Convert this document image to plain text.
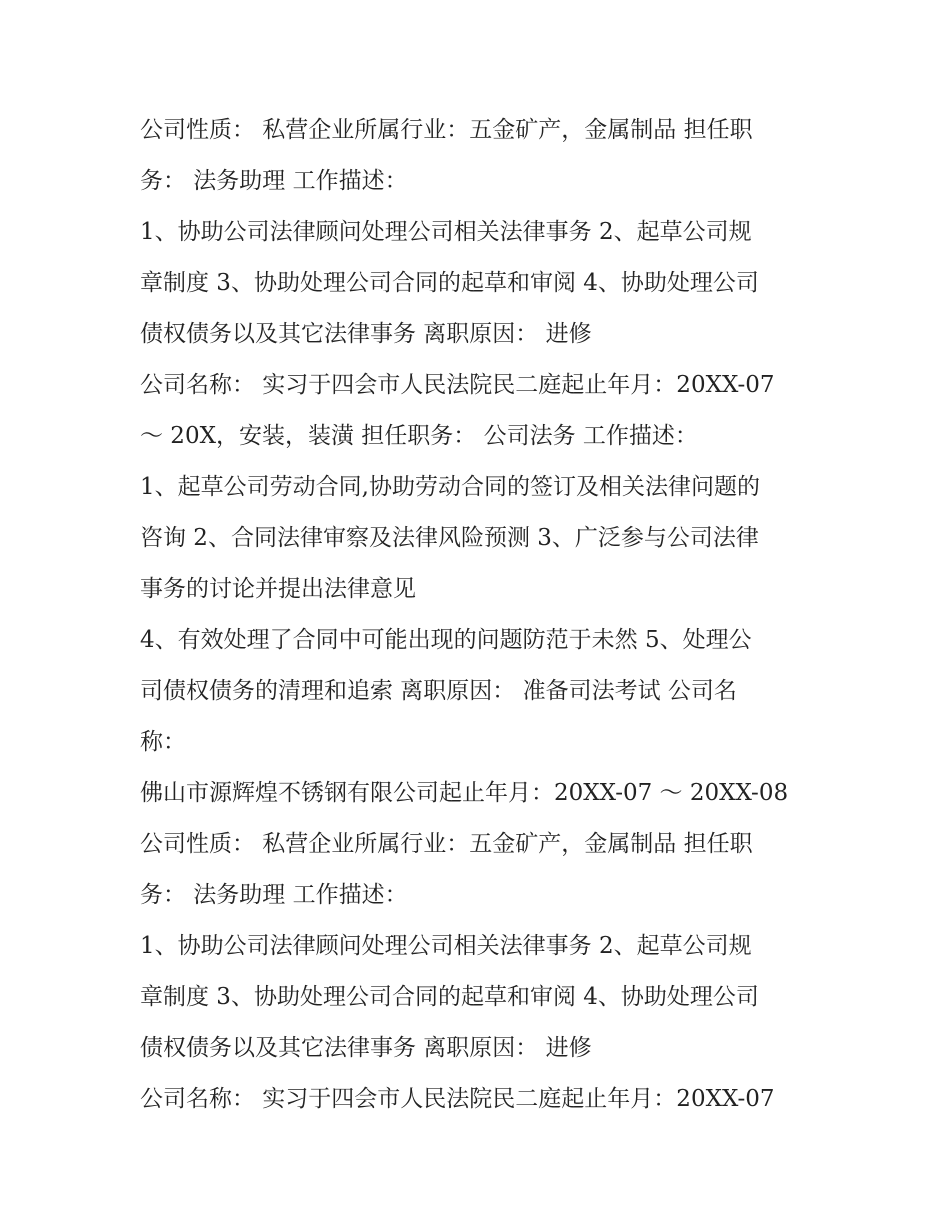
公司性质： 私营企业所属行业：五金矿产，金属制品 担任职
务： 法务助理 工作描述：
1、协助公司法律顾问处理公司相关法律事务 2、起草公司规
章制度 3、协助处理公司合同的起草和审阅 4、协助处理公司
债权债务以及其它法律事务 离职原因： 进修
公司名称： 实习于四会市人民法院民二庭起止年月：20XX-07
～ 20X，安装，装潢 担任职务： 公司法务 工作描述：
1、起草公司劳动合同,协助劳动合同的签订及相关法律问题的
咨询 2、合同法律审察及法律风险预测 3、广泛参与公司法律
事务的讨论并提出法律意见
4、有效处理了合同中可能出现的问题防范于未然 5、处理公
司债权债务的清理和追索 离职原因： 准备司法考试 公司名
称：
佛山市源辉煌不锈钢有限公司起止年月：20XX-07 ～ 20XX-08
公司性质： 私营企业所属行业：五金矿产，金属制品 担任职
务： 法务助理 工作描述：
1、协助公司法律顾问处理公司相关法律事务 2、起草公司规
章制度 3、协助处理公司合同的起草和审阅 4、协助处理公司
债权债务以及其它法律事务 离职原因： 进修
公司名称： 实习于四会市人民法院民二庭起止年月：20XX-07
